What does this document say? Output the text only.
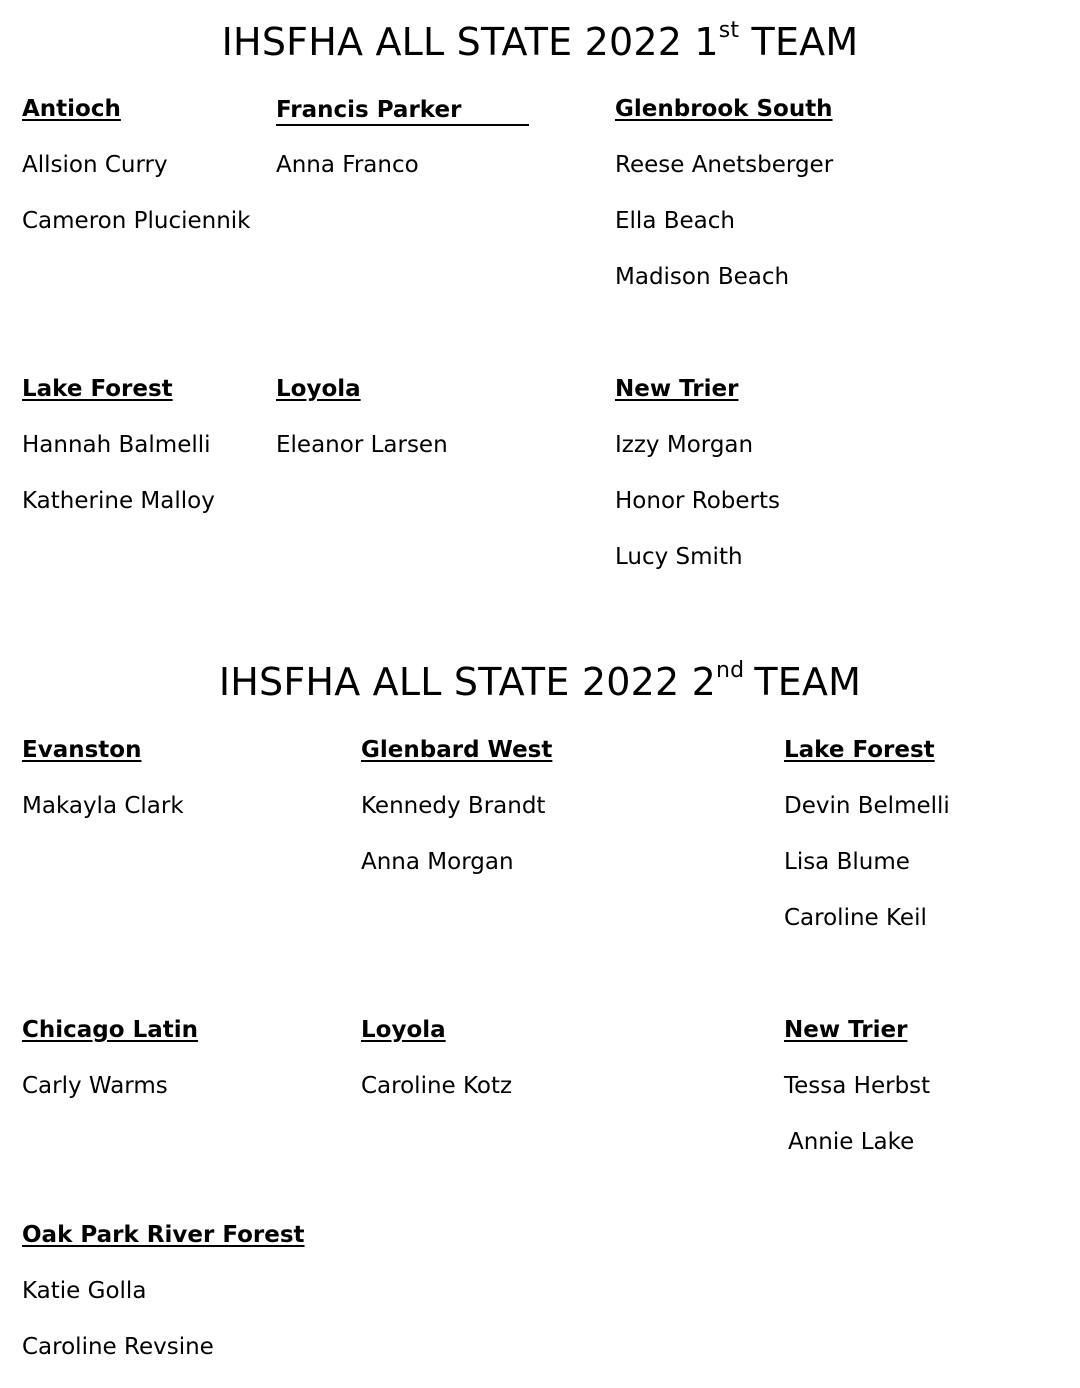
IHSFHA ALL STATE 2022 1st TEAM
Antioch
Allsion Curry
Cameron Pluciennik
Francis Parker
Anna Franco
Glenbrook South
Reese Anetsberger
Ella Beach
Madison Beach
Lake Forest
Hannah Balmelli
Katherine Malloy
Loyola
Eleanor Larsen
New Trier
Izzy Morgan
Honor Roberts
Lucy Smith
IHSFHA ALL STATE 2022 2nd TEAM
Evanston
Makayla Clark
Glenbard West
Kennedy Brandt
Anna Morgan
Lake Forest
Devin Belmelli
Lisa Blume
Caroline Keil
Chicago Latin
Carly Warms
Loyola
Caroline Kotz
New Trier
Tessa Herbst
Annie Lake
Oak Park River Forest
Katie Golla
Caroline Revsine
